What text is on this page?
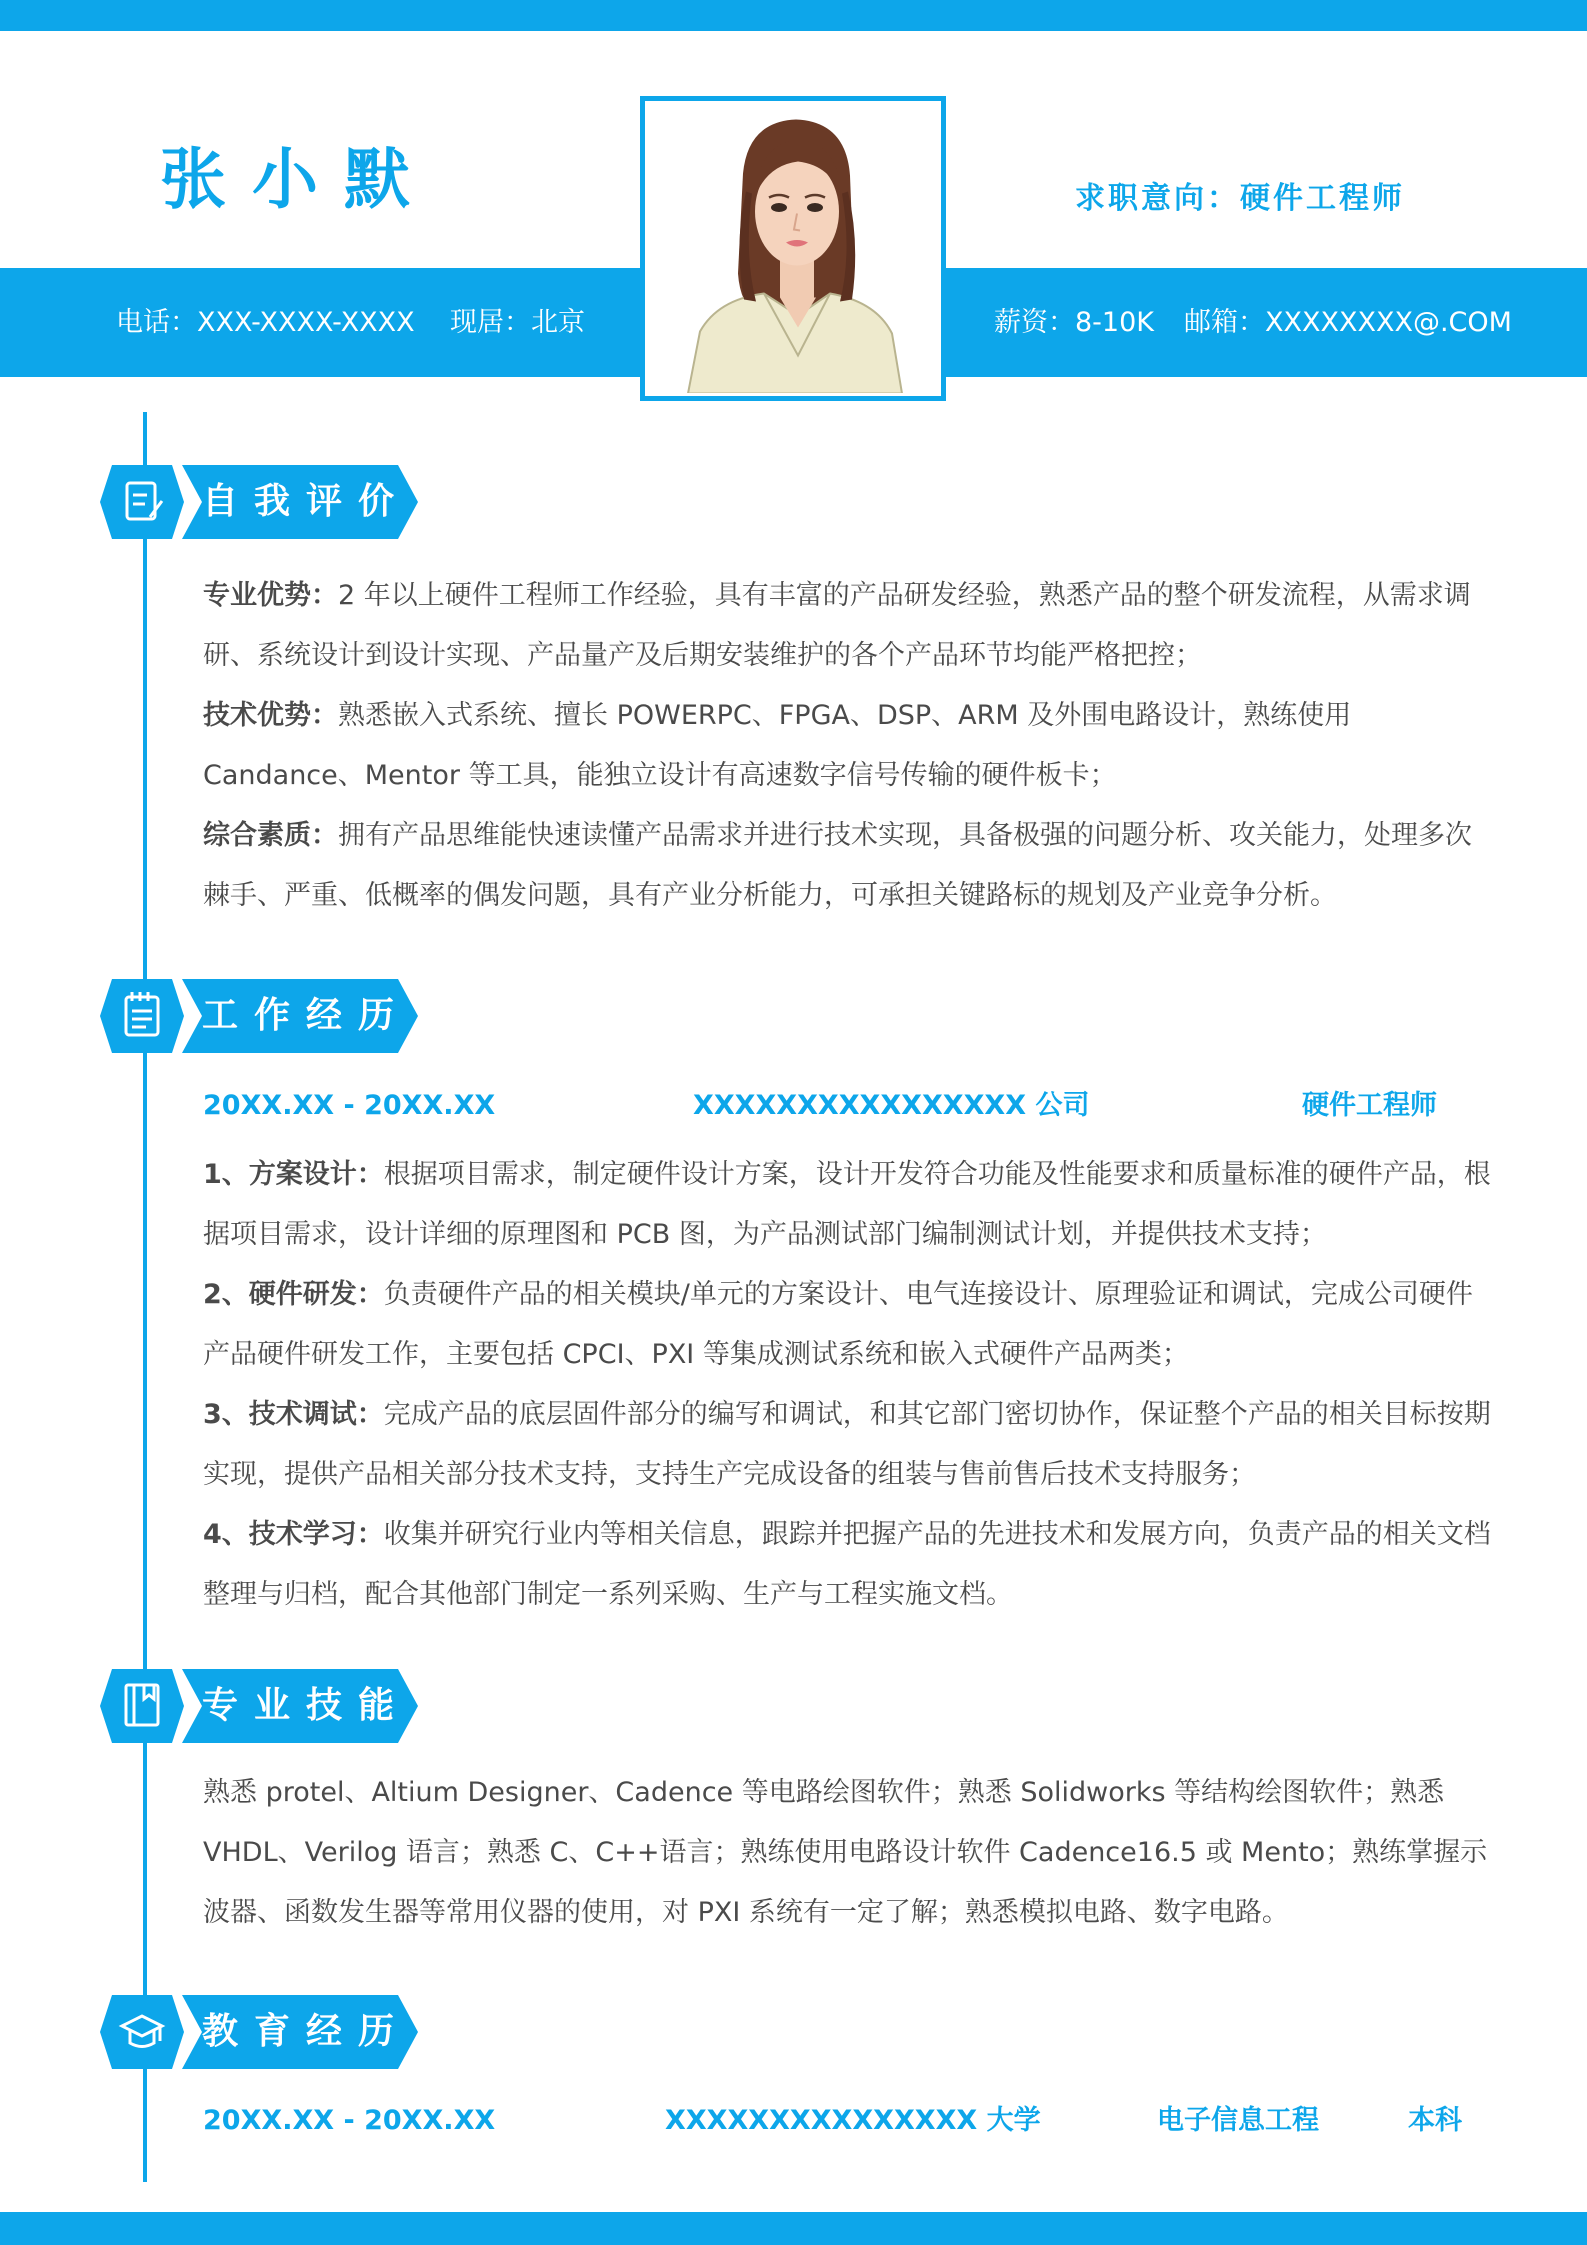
张小默	求职意向：硬件工程师
电话：XXX-XXXX-XXXX 现居：北京	薪资：8-10K 邮箱：XXXXXXXX@.COM
自我评价
专业优势：2 年以上硬件工程师工作经验，具有丰富的产品研发经验，熟悉产品的整个研发流程，从需求调研、系统设计到设计实现、产品量产及后期安装维护的各个产品环节均能严格把控；
技术优势：熟悉嵌入式系统、擅长 POWERPC、FPGA、DSP、ARM 及外围电路设计，熟练使用 Candance、Mentor 等工具，能独立设计有高速数字信号传输的硬件板卡；
综合素质：拥有产品思维能快速读懂产品需求并进行技术实现，具备极强的问题分析、攻关能力，处理多次棘手、严重、低概率的偶发问题，具有产业分析能力，可承担关键路标的规划及产业竞争分析。
工作经历
20XX.XX - 20XX.XX	XXXXXXXXXXXXXXXX 公司	硬件工程师
1、方案设计：根据项目需求，制定硬件设计方案，设计开发符合功能及性能要求和质量标准的硬件产品，根据项目需求，设计详细的原理图和 PCB 图，为产品测试部门编制测试计划，并提供技术支持；
2、硬件研发：负责硬件产品的相关模块/单元的方案设计、电气连接设计、原理验证和调试，完成公司硬件产品硬件研发工作，主要包括 CPCI、PXI 等集成测试系统和嵌入式硬件产品两类；
3、技术调试：完成产品的底层固件部分的编写和调试，和其它部门密切协作，保证整个产品的相关目标按期实现，提供产品相关部分技术支持，支持生产完成设备的组装与售前售后技术支持服务；
4、技术学习：收集并研究行业内等相关信息，跟踪并把握产品的先进技术和发展方向，负责产品的相关文档整理与归档，配合其他部门制定一系列采购、生产与工程实施文档。
专业技能
熟悉 protel、Altium Designer、Cadence 等电路绘图软件；熟悉 Solidworks 等结构绘图软件；熟悉 VHDL、Verilog 语言；熟悉 C、C++语言；熟练使用电路设计软件 Cadence16.5 或 Mento；熟练掌握示波器、函数发生器等常用仪器的使用，对 PXI 系统有一定了解；熟悉模拟电路、数字电路。
教育经历
20XX.XX - 20XX.XX	XXXXXXXXXXXXXXX 大学	电子信息工程	本科
